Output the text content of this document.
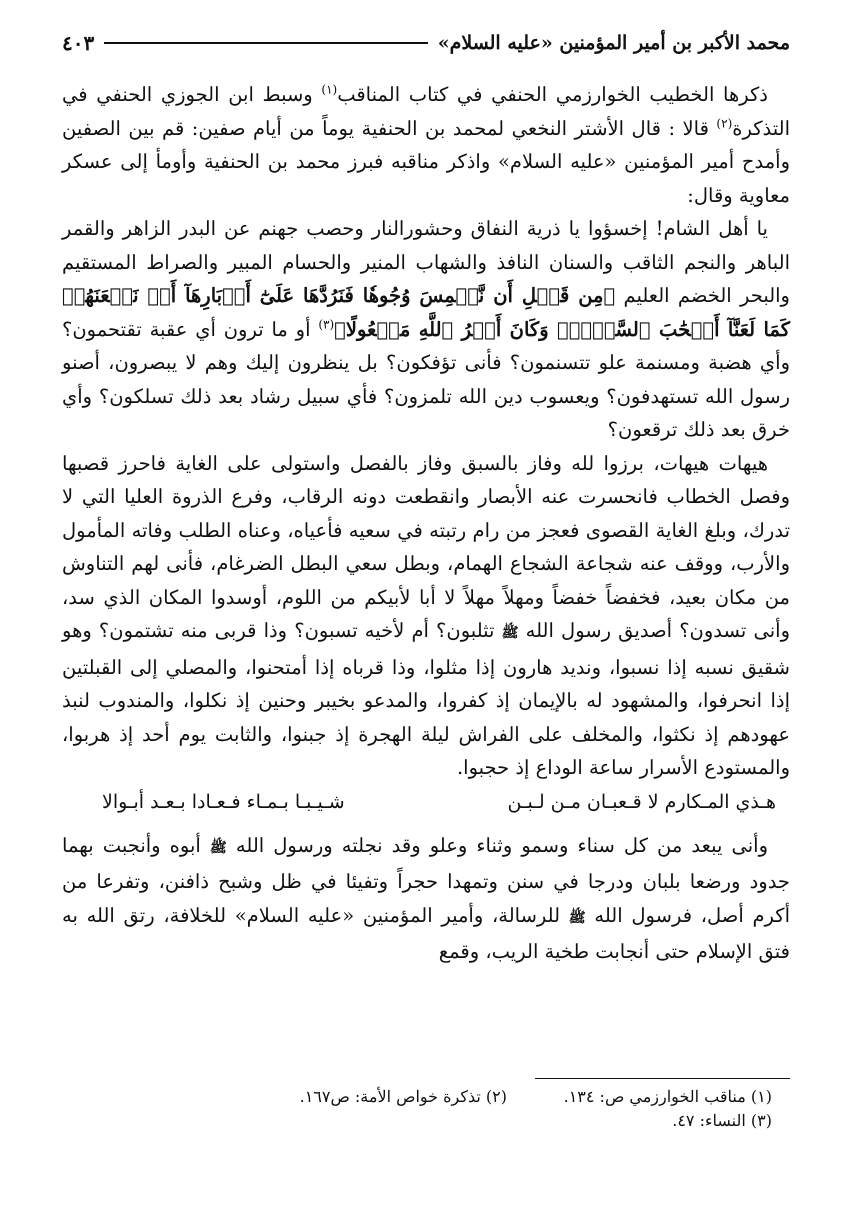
محمد الأكبر بن أمير المؤمنين «عليه السلام»
٤٠٣

ذكرها الخطيب الخوارزمي الحنفي في كتاب المناقب$^{(١)}$ وسبط ابن الجوزي الحنفي في التذكرة$^{(٢)}$ قالا : قال الأشتر النخعي لمحمد بن الحنفية يوماً من أيام صفين: قم بين الصفين وأمدح أمير المؤمنين «عليه السلام» واذكر مناقبه فبرز محمد بن الحنفية وأومأ إلى عسكر معاوية وقال:

يا أهل الشام! إخسؤوا يا ذرية النفاق وحشورالنار وحصب جهنم عن البدر الزاهر والقمر الباهر والنجم الثاقب والسنان النافذ والشهاب المنير والحسام المبير والصراط المستقيم والبحر الخضم العليم ﴿مِن قَبۡلِ أَن نَّطۡمِسَ وُجُوهٗا فَنَرُدَّهَا عَلَىٰٓ أَدۡبَارِهَآ أَوۡ نَلۡعَنَهُمۡ كَمَا لَعَنَّآ أَصۡحَٰبَ ٱلسَّبۡتِۚ وَكَانَ أَمۡرُ ٱللَّهِ مَفۡعُولًا﴾$^{(٣)}$ أو ما ترون أي عقبة تقتحمون؟ وأي هضبة ومسنمة علو تتسنمون؟ فأنى تؤفكون؟ بل ينظرون إليك وهم لا يبصرون، أصنو رسول الله تستهدفون؟ ويعسوب دين الله تلمزون؟ فأي سبيل رشاد بعد ذلك تسلكون؟ وأي خرق بعد ذلك ترقعون؟

هيهات هيهات، برزوا لله وفاز بالسبق وفاز بالفصل واستولى على الغاية فاحرز قصبها وفصل الخطاب فانحسرت عنه الأبصار وانقطعت دونه الرقاب، وفرع الذروة العليا التي لا تدرك، وبلغ الغاية القصوى فعجز من رام رتبته في سعيه فأعياه، وعناه الطلب وفاته المأمول والأرب، ووقف عنه شجاعة الشجاع الهمام، وبطل سعي البطل الضرغام، فأنى لهم التناوش من مكان بعيد، فخفضاً خفضاً ومهلاً مهلاً لا أبا لأبيكم من اللوم، أوسدوا المكان الذي سد، وأنى تسدون؟ أصديق رسول الله ﷺ تثلبون؟ أم لأخيه تسبون؟ وذا قربى منه تشتمون؟ وهو شقيق نسبه إذا نسبوا، ونديد هارون إذا مثلوا، وذا قرباه إذا أمتحنوا، والمصلي إلى القبلتين إذا انحرفوا، والمشهود له بالإيمان إذ كفروا، والمدعو بخيبر وحنين إذ نكلوا، والمندوب لنبذ عهودهم إذ نكثوا، والمخلف على الفراش ليلة الهجرة إذ جبنوا، والثابت يوم أحد إذ هربوا، والمستودع الأسرار ساعة الوداع إذ حجبوا.

هـذي المـكارم لا قـعبـان مـن لـبـن
شـيـبـا بـمـاء فـعـادا بـعـد أبـوالا

وأنى يبعد من كل سناء وسمو وثناء وعلو وقد نجلته ورسول الله ﷺ أبوه وأنجبت بهما جدود ورضعا بلبان ودرجا في سنن وتمهدا حجراً وتفيئا في ظل وشبح ذافنن، وتفرعا من أكرم أصل، فرسول الله ﷺ للرسالة، وأمير المؤمنين «عليه السلام» للخلافة، رتق الله به فتق الإسلام حتى أنجابت طخية الريب، وقمع

(١) مناقب الخوارزمي ص: ١٣٤.
(٢) تذكرة خواص الأمة: ص١٦٧.
(٣) النساء: ٤٧.
